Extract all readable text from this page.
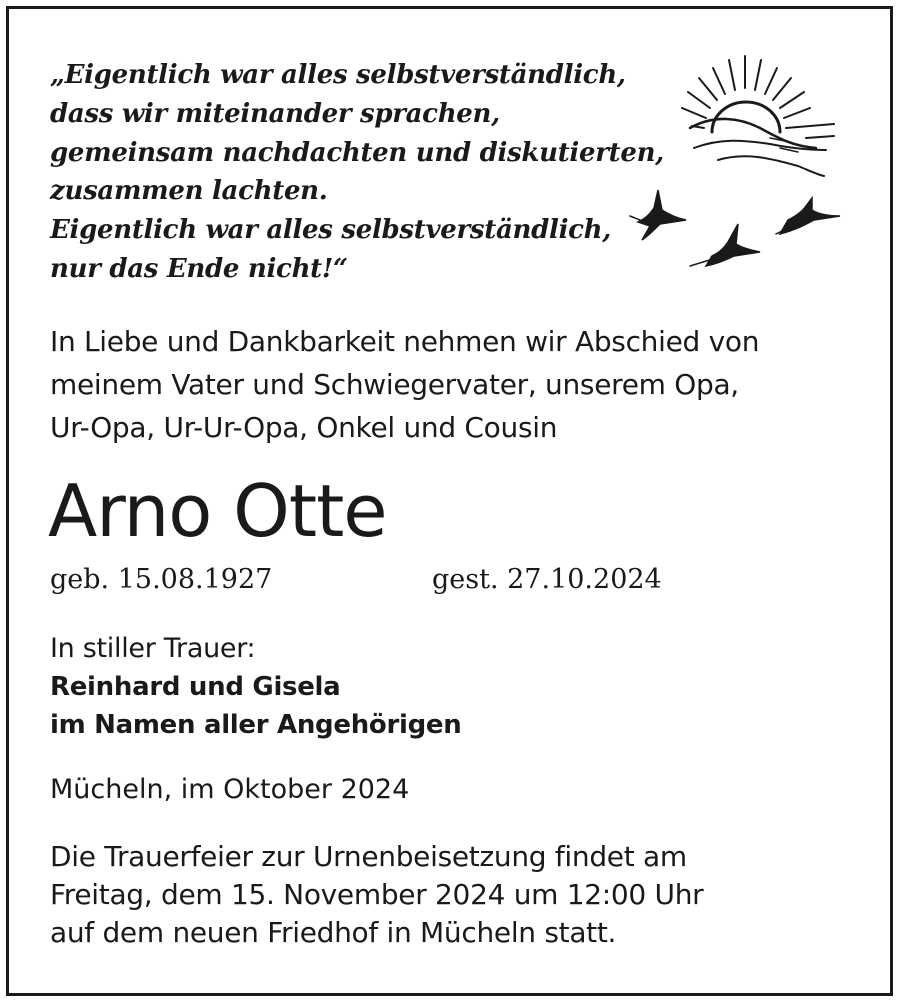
„Eigentlich war alles selbstverständlich,
dass wir miteinander sprachen,
gemeinsam nachdachten und diskutierten,
zusammen lachten.
Eigentlich war alles selbstverständlich,
nur das Ende nicht!“
In Liebe und Dankbarkeit nehmen wir Abschied von
meinem Vater und Schwiegervater, unserem Opa,
Ur-Opa, Ur-Ur-Opa, Onkel und Cousin
Arno Otte
geb. 15.08.1927	gest. 27.10.2024
In stiller Trauer:
Reinhard und Gisela
im Namen aller Angehörigen
Mücheln, im Oktober 2024
Die Trauerfeier zur Urnenbeisetzung findet am
Freitag, dem 15. November 2024 um 12:00 Uhr
auf dem neuen Friedhof in Mücheln statt.
